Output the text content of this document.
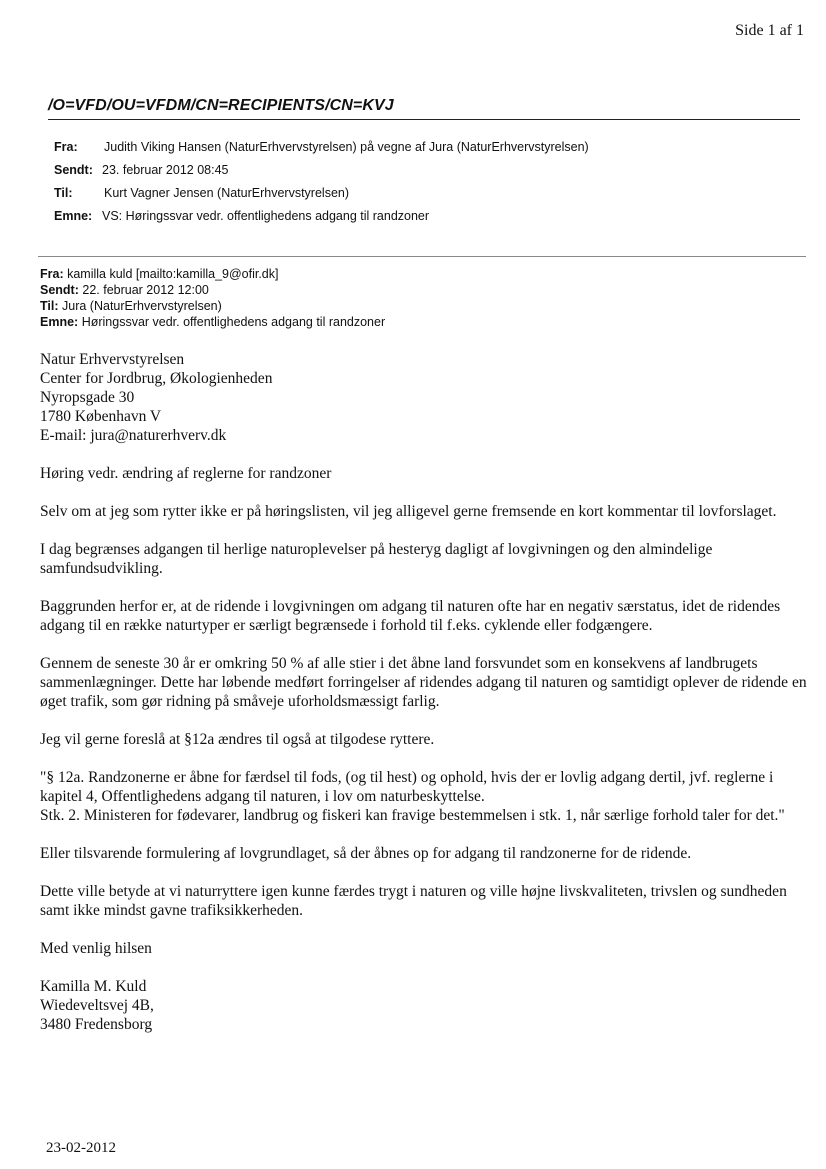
Side 1 af 1
/O=VFD/OU=VFDM/CN=RECIPIENTS/CN=KVJ
Fra:	Judith Viking Hansen (NaturErhvervstyrelsen) på vegne af Jura (NaturErhvervstyrelsen)
Sendt: 23. februar 2012 08:45
Til:	Kurt Vagner Jensen (NaturErhvervstyrelsen)
Emne: VS: Høringssvar vedr. offentlighedens adgang til randzoner
Fra: kamilla kuld [mailto:kamilla_9@ofir.dk]
Sendt: 22. februar 2012 12:00
Til: Jura (NaturErhvervstyrelsen)
Emne: Høringssvar vedr. offentlighedens adgang til randzoner

Natur Erhvervstyrelsen
Center for Jordbrug, Økologienheden
Nyropsgade 30
1780 København V
E-mail: jura@naturerhverv.dk

Høring vedr. ændring af reglerne for randzoner

Selv om at jeg som rytter ikke er på høringslisten, vil jeg alligevel gerne fremsende en kort kommentar til lovforslaget.

I dag begrænses adgangen til herlige naturoplevelser på hesteryg dagligt af lovgivningen og den almindelige samfundsudvikling.

Baggrunden herfor er, at de ridende i lovgivningen om adgang til naturen ofte har en negativ særstatus, idet de ridendes adgang til en række naturtyper er særligt begrænsede i forhold til f.eks. cyklende eller fodgængere.

Gennem de seneste 30 år er omkring 50 % af alle stier i det åbne land forsvundet som en konsekvens af landbrugets sammenlægninger. Dette har løbende medført forringelser af ridendes adgang til naturen og samtidigt oplever de ridende en øget trafik, som gør ridning på småveje uforholdsmæssigt farlig.

Jeg vil gerne foreslå at §12a ændres til også at tilgodese ryttere.

"§ 12a. Randzonerne er åbne for færdsel til fods, (og til hest) og ophold, hvis der er lovlig adgang dertil, jvf. reglerne i kapitel 4, Offentlighedens adgang til naturen, i lov om naturbeskyttelse.
Stk. 2. Ministeren for fødevarer, landbrug og fiskeri kan fravige bestemmelsen i stk. 1, når særlige forhold taler for det."

Eller tilsvarende formulering af lovgrundlaget, så der åbnes op for adgang til randzonerne for de ridende.

Dette ville betyde at vi naturryttere igen kunne færdes trygt i naturen og ville højne livskvaliteten, trivslen og sundheden samt ikke mindst gavne trafiksikkerheden.

Med venlig hilsen

Kamilla M. Kuld
Wiedeveltsvej 4B,
3480 Fredensborg

23-02-2012
